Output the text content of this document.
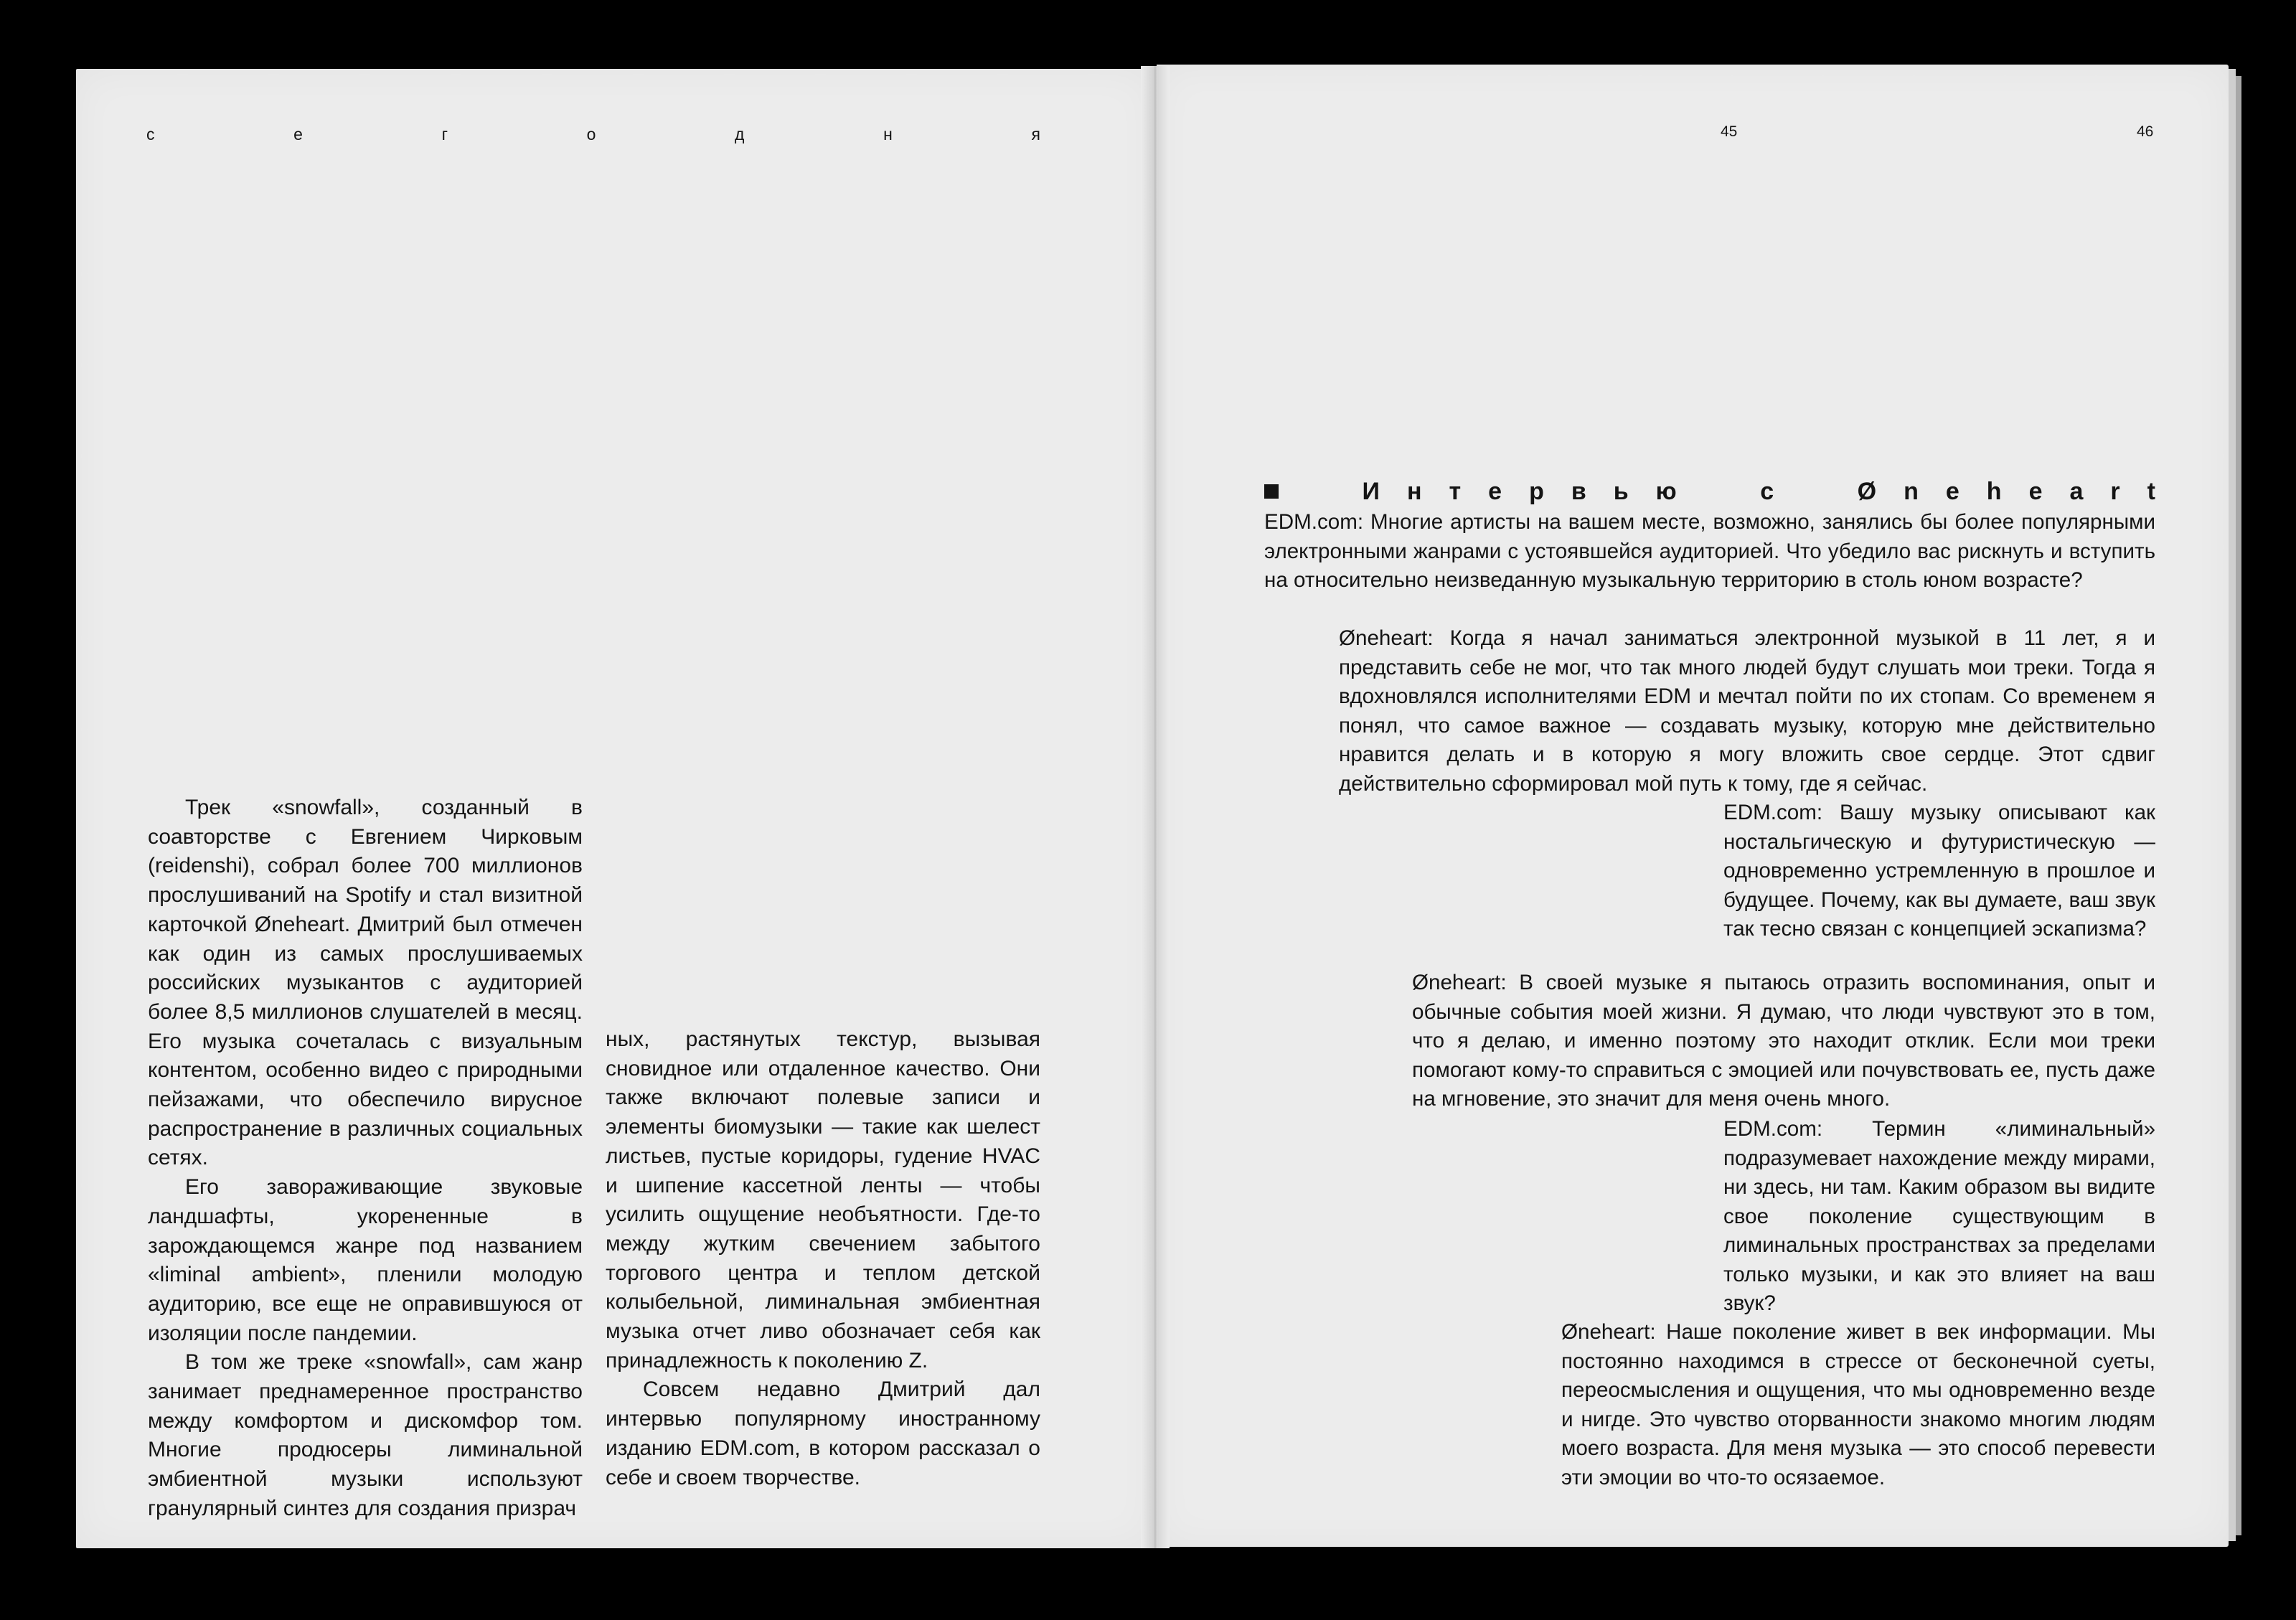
с	е	г	о	д	н	я	45	46

Трек «snowfall», созданный в соавторстве с Евгением Чирковым (reidenshi), собрал более 700 миллионов прослушиваний на Spotify и стал визитной карточкой Øneheart. Дмитрий был отмечен как один из самых прослушиваемых российских музыкантов с аудиторией более 8,5 миллионов слушателей в месяц. Его музыка сочеталась с визуальным контентом, особенно видео с природными пейзажами, что обеспечило вирусное распространение в различных социальных сетях.

Его завораживающие звуковые ландшафты, укорененные в зарождающемся жанре под названием «liminal ambient», пленили молодую аудиторию, все еще не оправившуюся от изоляции после пандемии.

В том же треке «snowfall», сам жанр занимает преднамеренное пространство между комфортом и дискомфор том. Многие продюсеры лиминальной эмбиентной музыки используют гранулярный синтез для создания призрач

ных, растянутых текстур, вызывая сновидное или отдаленное качество. Они также включают полевые записи и элементы биомузыки — такие как шелест листьев, пустые коридоры, гудение HVAC и шипение кассетной ленты — чтобы усилить ощущение необъятности. Где-то между жутким свечением забытого торгового центра и теплом детской колыбельной, лиминальная эмбиентная музыка отчет ливо обозначает себя как принадлежность к поколению Z.

Совсем недавно Дмитрий дал интервью популярному иностранному изданию EDM.com, в котором рассказал о себе и своем творчестве.

И н т е р в ь ю	с	Ø n e h e a r t

EDM.com: Многие артисты на вашем месте, возможно, занялись бы более популярными электронными жанрами с устоявшейся аудиторией. Что убедило вас рискнуть и вступить на относительно неизведанную музыкальную территорию в столь юном возрасте?

Øneheart: Когда я начал заниматься электронной музыкой в 11 лет, я и представить себе не мог, что так много людей будут слушать мои треки. Тогда я вдохновлялся исполнителями EDM и мечтал пойти по их стопам. Со временем я понял, что самое важное — создавать музыку, которую мне действительно нравится делать и в которую я могу вложить свое сердце. Этот сдвиг действительно сформировал мой путь к тому, где я сейчас.

EDM.com: Вашу музыку описывают как ностальгическую и футуристическую — одновременно устремленную в прошлое и будущее. Почему, как вы думаете, ваш звук так тесно связан с концепцией эскапизма?

Øneheart: В своей музыке я пытаюсь отразить воспоминания, опыт и обычные события моей жизни. Я думаю, что люди чувствуют это в том, что я делаю, и именно поэтому это находит отклик. Если мои треки помогают кому-то справиться с эмоцией или почувствовать ее, пусть даже на мгновение, это значит для меня очень много.

EDM.com: Термин «лиминальный» подразумевает нахождение между мирами, ни здесь, ни там. Каким образом вы видите свое поколение существующим в лиминальных пространствах за пределами только музыки, и как это влияет на ваш звук?

Øneheart: Наше поколение живет в век информации. Мы постоянно находимся в стрессе от бесконечной суеты, переосмысления и ощущения, что мы одновременно везде и нигде. Это чувство оторванности знакомо многим людям моего возраста. Для меня музыка — это способ перевести эти эмоции во что-то осязаемое.
